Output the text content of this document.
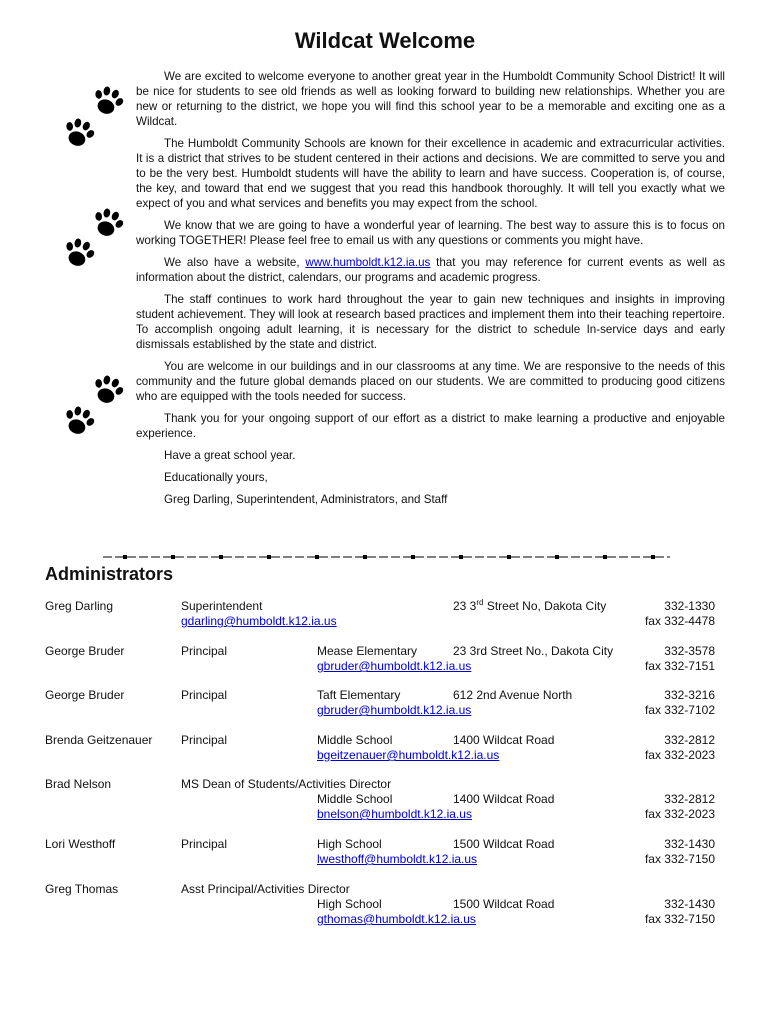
Wildcat Welcome

We are excited to welcome everyone to another great year in the Humboldt Community School District! It will be nice for students to see old friends as well as looking forward to building new relationships. Whether you are new or returning to the district, we hope you will find this school year to be a memorable and exciting one as a Wildcat.

The Humboldt Community Schools are known for their excellence in academic and extracurricular activities. It is a district that strives to be student centered in their actions and decisions. We are committed to serve you and to be the very best. Humboldt students will have the ability to learn and have success. Cooperation is, of course, the key, and toward that end we suggest that you read this handbook thoroughly. It will tell you exactly what we expect of you and what services and benefits you may expect from the school.

We know that we are going to have a wonderful year of learning. The best way to assure this is to focus on working TOGETHER! Please feel free to email us with any questions or comments you might have.

We also have a website, www.humboldt.k12.ia.us that you may reference for current events as well as information about the district, calendars, our programs and academic progress.

The staff continues to work hard throughout the year to gain new techniques and insights in improving student achievement. They will look at research based practices and implement them into their teaching repertoire. To accomplish ongoing adult learning, it is necessary for the district to schedule In-service days and early dismissals established by the state and district.

You are welcome in our buildings and in our classrooms at any time. We are responsive to the needs of this community and the future global demands placed on our students. We are committed to producing good citizens who are equipped with the tools needed for success.

Thank you for your ongoing support of our effort as a district to make learning a productive and enjoyable experience.

Have a great school year.

Educationally yours,

Greg Darling, Superintendent, Administrators, and Staff

Administrators
Greg Darling	Superintendent	23 3rd Street No, Dakota City	332-1330
gdarling@humboldt.k12.ia.us	fax 332-4478
George Bruder	Principal	Mease Elementary	23 3rd Street No., Dakota City	332-3578
gbruder@humboldt.k12.ia.us	fax 332-7151
George Bruder	Principal	Taft Elementary	612 2nd Avenue North	332-3216
gbruder@humboldt.k12.ia.us	fax 332-7102
Brenda Geitzenauer Principal	Middle School	1400 Wildcat Road	332-2812
bgeitzenauer@humboldt.k12.ia.us	fax 332-2023
Brad Nelson	MS Dean of Students/Activities Director
Middle School	1400 Wildcat Road	332-2812
bnelson@humboldt.k12.ia.us	fax 332-2023
Lori Westhoff	Principal	High School	1500 Wildcat Road	332-1430
lwesthoff@humboldt.k12.ia.us	fax 332-7150
Greg Thomas	Asst Principal/Activities Director
High School	1500 Wildcat Road	332-1430
gthomas@humboldt.k12.ia.us	fax 332-7150
